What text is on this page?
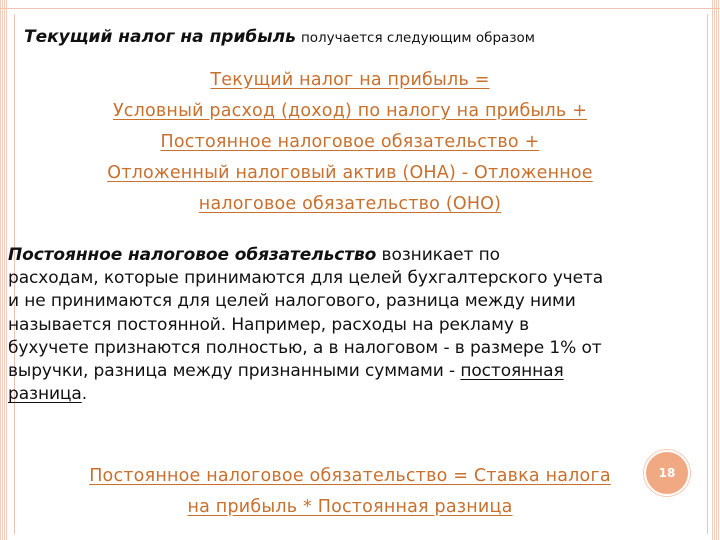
Текущий налог на прибыль получается следующим образом
Текущий налог на прибыль =
Условный расход (доход) по налогу на прибыль +
Постоянное налоговое обязательство +
Отложенный налоговый актив (ОНА) - Отложенное
налоговое обязательство (ОНО)
Постоянное налоговое обязательство возникает по
расходам, которые принимаются для целей бухгалтерского учета
и не принимаются для целей налогового, разница между ними
называется постоянной. Например, расходы на рекламу в
бухучете признаются полностью, а в налоговом - в размере 1% от
выручки, разница между признанными суммами - постоянная
разница.
Постоянное налоговое обязательство = Ставка налога
на прибыль * Постоянная разница
18
